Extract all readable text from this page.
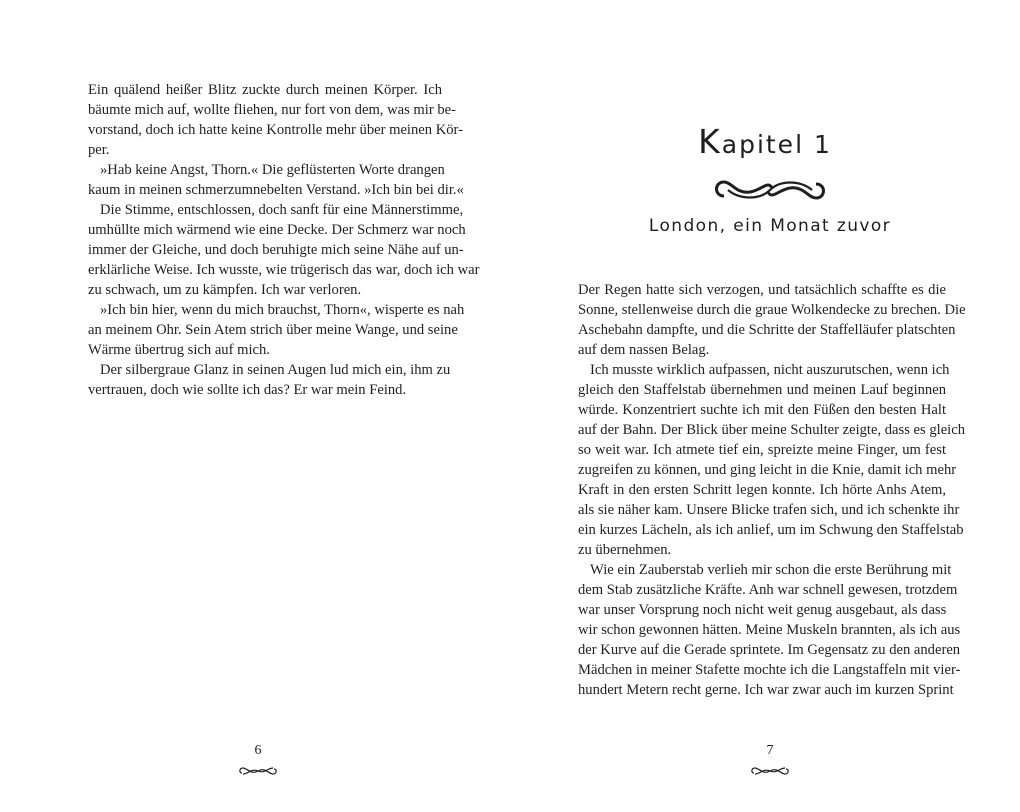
Ein quälend heißer Blitz zuckte durch meinen Körper. Ich
bäumte mich auf, wollte fliehen, nur fort von dem, was mir be-
vorstand, doch ich hatte keine Kontrolle mehr über meinen Kör-
per.
»Hab keine Angst, Thorn.« Die geflüsterten Worte drangen
kaum in meinen schmerzumnebelten Verstand. »Ich bin bei dir.«
Die Stimme, entschlossen, doch sanft für eine Männerstimme,
umhüllte mich wärmend wie eine Decke. Der Schmerz war noch
immer der Gleiche, und doch beruhigte mich seine Nähe auf un-
erklärliche Weise. Ich wusste, wie trügerisch das war, doch ich war
zu schwach, um zu kämpfen. Ich war verloren.
»Ich bin hier, wenn du mich brauchst, Thorn«, wisperte es nah
an meinem Ohr. Sein Atem strich über meine Wange, und seine
Wärme übertrug sich auf mich.
Der silbergraue Glanz in seinen Augen lud mich ein, ihm zu
vertrauen, doch wie sollte ich das? Er war mein Feind.
6
Kapitel 1
London, ein Monat zuvor
Der Regen hatte sich verzogen, und tatsächlich schaffte es die
Sonne, stellenweise durch die graue Wolkendecke zu brechen. Die
Aschebahn dampfte, und die Schritte der Staffelläufer platschten
auf dem nassen Belag.
Ich musste wirklich aufpassen, nicht auszurutschen, wenn ich
gleich den Staffelstab übernehmen und meinen Lauf beginnen
würde. Konzentriert suchte ich mit den Füßen den besten Halt
auf der Bahn. Der Blick über meine Schulter zeigte, dass es gleich
so weit war. Ich atmete tief ein, spreizte meine Finger, um fest
zugreifen zu können, und ging leicht in die Knie, damit ich mehr
Kraft in den ersten Schritt legen konnte. Ich hörte Anhs Atem,
als sie näher kam. Unsere Blicke trafen sich, und ich schenkte ihr
ein kurzes Lächeln, als ich anlief, um im Schwung den Staffelstab
zu übernehmen.
Wie ein Zauberstab verlieh mir schon die erste Berührung mit
dem Stab zusätzliche Kräfte. Anh war schnell gewesen, trotzdem
war unser Vorsprung noch nicht weit genug ausgebaut, als dass
wir schon gewonnen hätten. Meine Muskeln brannten, als ich aus
der Kurve auf die Gerade sprintete. Im Gegensatz zu den anderen
Mädchen in meiner Stafette mochte ich die Langstaffeln mit vier-
hundert Metern recht gerne. Ich war zwar auch im kurzen Sprint
7
